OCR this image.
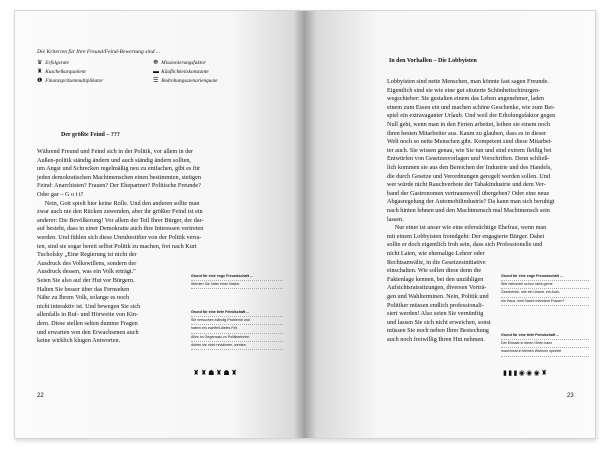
Die Kriterien für Ihre Freund/Feind-Bewertung sind ...
♛ Erfolgsrate	☸ Missionierungsfaktor
♜ Kuschelkurquotient	▬ Käuflichkeitskonstante
❶ Finanzspritzenmultiplikator	☰ Bedrohungsszenarienquote
Der größte Feind – ???
Während Freund und Feind sich in der Politik, vor allem in der
Außen-politik ständig ändern und auch ständig ändern sollten,
um Angst und Schrecken regelmäßig neu zu entfachen, gibt es für
jeden demokratischen Machtmenschen einen bestimmten, stetigen
Feind: Anarchisten? Frauen? Der Ehepartner? Politische Freunde?
Oder gar – G o t t?
Nein, Gott spielt hier keine Rolle. Und den anderen sollte man
zwar auch nie den Rücken zuwenden, aber ihr größter Feind ist ein
anderer: Die Bevölkerung! Vor allem der Teil Ihrer Bürger, der dar-
auf besteht, dass in einer Demokratie auch ihre Interessen vertreten
werden. Und fühlen sich diese Unruhestifter von der Politik verra-
ten, sind sie sogar bereit selbst Politik zu machen, frei nach Kurt
Tucholsky „Eine Regierung ist nicht der
Ausdruck des Volkswillens, sondern der
Ausdruck dessen, was ein Volk erträgt."
Seien Sie also auf der Hut vor Bürgern.
Halten Sie besser über das Fernsehen
Nähe zu Ihrem Volk, solange es noch
nicht interaktiv ist. Und bewegen Sie sich
allenfalls in Ruf- und Hörweite von Kin-
dern. Diese stellen selten dumme Fragen
und erwarten von den Erwachsenen auch
keine wirklich klugen Antworten.
Grund für eine enge Freundschaft ...
Werden Sie Vater einer Nation.
Grund für eine tiefe Feindschaft ...
Sie versuchen ständig Probleme und
haben ein zweifelt-dieles Fell.
Alles im Gegensatz zu Politikerinnen
dürfen sie nicht revidieren, werden
♜♜☗♜☗♜
22
In den Vorhallen – Die Lobbyisten
Lobbyisten sind nette Menschen, man könnte fast sagen Freunde.
Eigentlich sind sie wie eine gut situierte Schönheitschirurgen-
wegschieber: Sie gestalten einem das Leben angenehmer, laden
einem zum Essen ein und machen schöne Geschenke, wie zum Bei-
spiel ein extravaganter Urlaub. Und weil der Erholungsfaktor gegen
Null geht, wenn man in den Ferien arbeitet, leihen sie einem noch
ihren besten Mitarbeiter aus. Kaum zu glauben, dass es in dieser
Welt noch so nette Menschen gibt. Kompetent sind diese Mitarbei-
ter auch. Sie wissen genau, wie Sie tun und sind extrem fleißig bei
Entwürfen von Gesetzesvorlagen und Vorschriften. Denn schließ-
lich kommen sie aus den Bereichen der Industrie und des Handels,
die durch Gesetze und Verordnungen geregelt werden sollen. Und
wer würde nicht Rauchverbote der Tabakindustrie und dem Ver-
band der Gastronomen vertrauensvoll übergeben? Oder eine neue
Abgasregelung der Automobilindustrie? Da kann man sich beruhigt
nach hinten lehnen und den Machtmensch mal Machtmensch sein
lassen.
Nur einer ist unser wie eine eifersüchtige Ehefrau, wenn man
mit einem Lobbyisten fremdgeht: Der engagierte Bürger. Dabei
sollte er doch eigentlich froh sein, dass sich Professionelle und
nicht Laien, wie ehemalige Lehrer oder
Rechtsanwälte, in die Gesetzesinitiative
einschalten. Wie sollen diese denn die
Faktenlage kennen, bei den unzähligen
Aufsichtsratssitzungen, diversen Vorträ-
gen und Wahlterminen. Nein, Politik und
Politiker müssen endlich professionali-
siert werden! Also seien Sie vernünftig
und lassen Sie sich nicht erweichen, sonst
müssen Sie noch neben Ihrer Bestechung
auch noch freiwillig Ihren Hut nehmen.
Grund für eine enge Freundschaft ...
Wer bekommt schon nicht gerne
Geschenke, wie ein Urlaub, ein Auto,
ein Haus, eine Nacht mitindem Frauen?
Grund für eine tiefe Feindschaft ...
Der Einsatz in deren Oben kann
manchmal in kleinen Wohnen speziell
▮▮▮◉◉◉♜
23
